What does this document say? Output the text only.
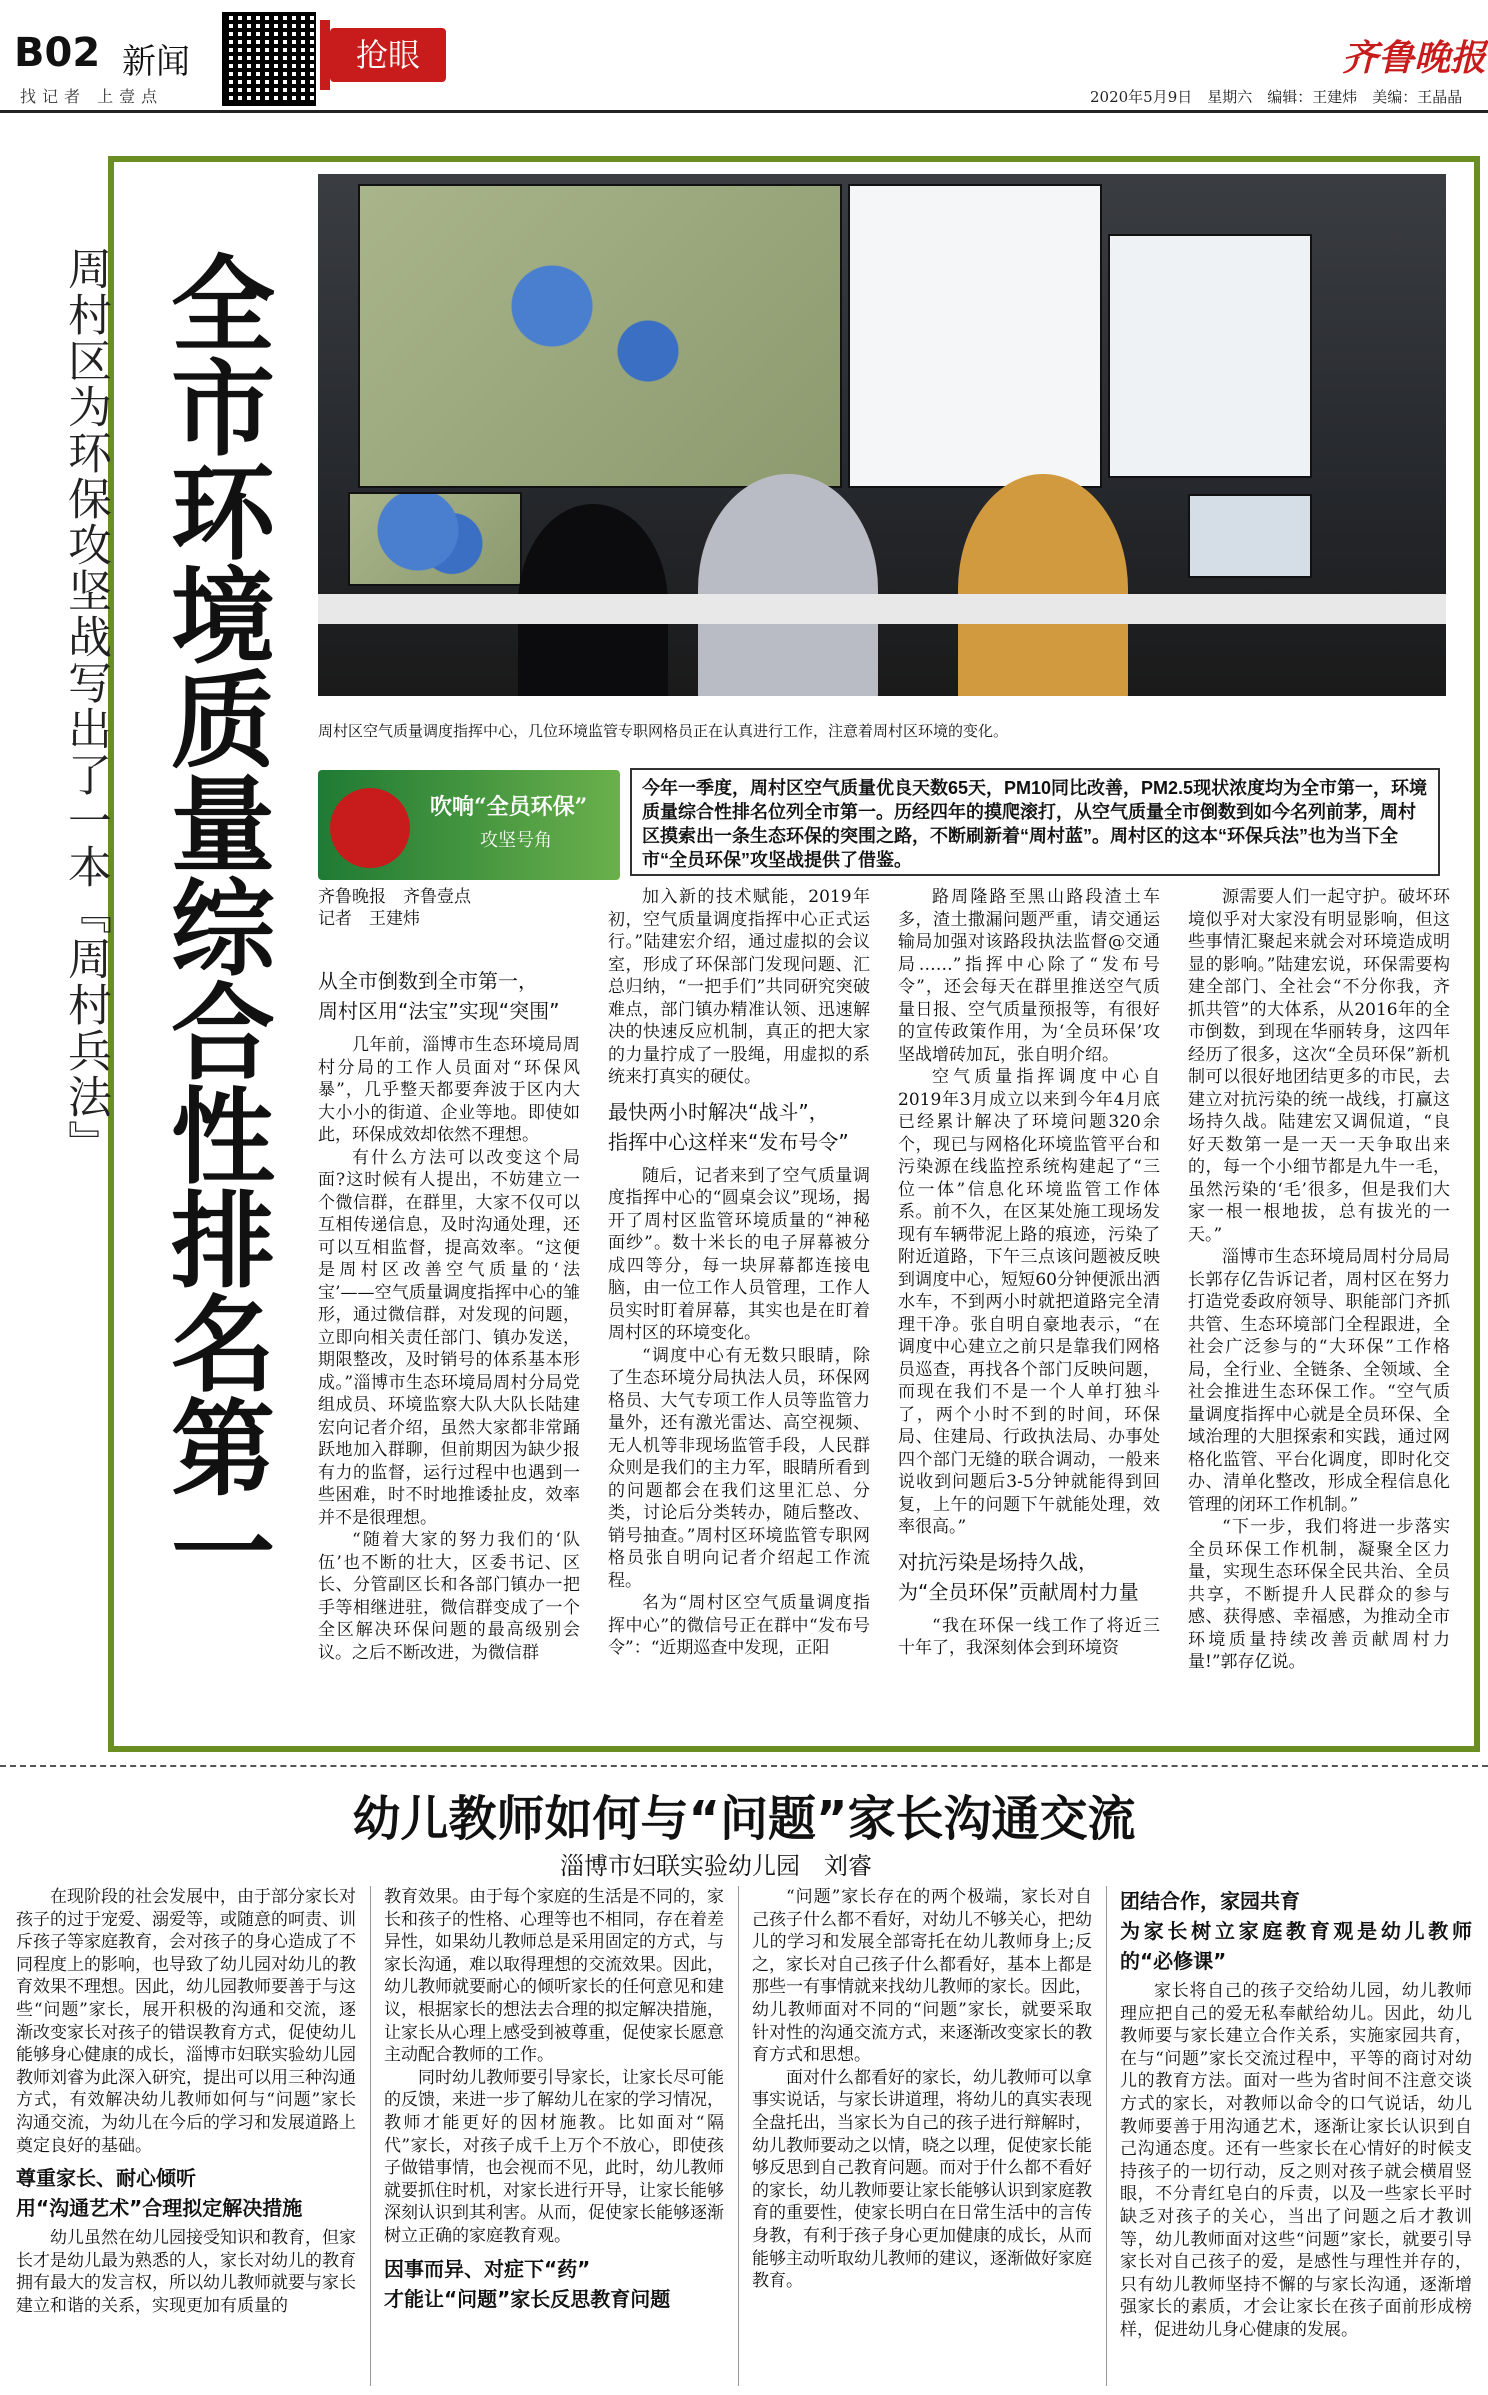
B02 新闻
找记者 上壹点
抢眼	齐鲁晚报
2020年5月9日　星期六　编辑：王建炜　美编：王晶晶
周村区为环保攻坚战写出了一本『周村兵法』 全市环境质量综合性排名第一	周村区空气质量调度指挥中心，几位环境监管专职网格员正在认真进行工作，注意着周村区环境的变化。
吹响“全员环保”
攻坚号角
今年一季度，周村区空气质量优良天数65天，PM10同比改善，PM2.5现状浓度均为全市第一，环境质量综合性排名位列全市第一。历经四年的摸爬滚打，从空气质量全市倒数到如今名列前茅，周村区摸索出一条生态环保的突围之路，不断刷新着“周村蓝”。周村区的这本“环保兵法”也为当下全市“全员环保”攻坚战提供了借鉴。
齐鲁晚报　齐鲁壹点
记者　王建炜
从全市倒数到全市第一，
周村区用“法宝”实现“突围”

几年前，淄博市生态环境局周村分局的工作人员面对“环保风暴”，几乎整天都要奔波于区内大大小小的街道、企业等地。即使如此，环保成效却依然不理想。

有什么方法可以改变这个局面?这时候有人提出，不妨建立一个微信群，在群里，大家不仅可以互相传递信息，及时沟通处理，还可以互相监督，提高效率。“这便是周村区改善空气质量的‘法宝’——空气质量调度指挥中心的雏形，通过微信群，对发现的问题，立即向相关责任部门、镇办发送，期限整改，及时销号的体系基本形成。”淄博市生态环境局周村分局党组成员、环境监察大队大队长陆建宏向记者介绍，虽然大家都非常踊跃地加入群聊，但前期因为缺少报有力的监督，运行过程中也遇到一些困难，时不时地推诿扯皮，效率并不是很理想。

“随着大家的努力我们的‘队伍’也不断的壮大，区委书记、区长、分管副区长和各部门镇办一把手等相继进驻，微信群变成了一个全区解决环保问题的最高级别会议。之后不断改进，为微信群

加入新的技术赋能，2019年初，空气质量调度指挥中心正式运行。”陆建宏介绍，通过虚拟的会议室，形成了环保部门发现问题、汇总归纳，“一把手们”共同研究突破难点，部门镇办精准认领、迅速解决的快速反应机制，真正的把大家的力量拧成了一股绳，用虚拟的系统来打真实的硬仗。

最快两小时解决“战斗”，
指挥中心这样来“发布号令”

随后，记者来到了空气质量调度指挥中心的“圆桌会议”现场，揭开了周村区监管环境质量的“神秘面纱”。数十米长的电子屏幕被分成四等分，每一块屏幕都连接电脑，由一位工作人员管理，工作人员实时盯着屏幕，其实也是在盯着周村区的环境变化。

“调度中心有无数只眼睛，除了生态环境分局执法人员，环保网格员、大气专项工作人员等监管力量外，还有激光雷达、高空视频、无人机等非现场监管手段，人民群众则是我们的主力军，眼睛所看到的问题都会在我们这里汇总、分类，讨论后分类转办，随后整改、销号抽查。”周村区环境监管专职网格员张自明向记者介绍起工作流程。

名为“周村区空气质量调度指挥中心”的微信号正在群中“发布号令”：“近期巡查中发现，正阳

路周隆路至黑山路段渣土车多，渣土撒漏问题严重，请交通运输局加强对该路段执法监督@交通局……”指挥中心除了“发布号令”，还会每天在群里推送空气质量日报、空气质量预报等，有很好的宣传政策作用，为‘全员环保’攻坚战增砖加瓦，张自明介绍。

空气质量指挥调度中心自2019年3月成立以来到今年4月底已经累计解决了环境问题320余个，现已与网格化环境监管平台和污染源在线监控系统构建起了“三位一体”信息化环境监管工作体系。前不久，在区某处施工现场发现有车辆带泥上路的痕迹，污染了附近道路，下午三点该问题被反映到调度中心，短短60分钟便派出洒水车，不到两小时就把道路完全清理干净。张自明自豪地表示，“在调度中心建立之前只是靠我们网格员巡查，再找各个部门反映问题，而现在我们不是一个人单打独斗了，两个小时不到的时间，环保局、住建局、行政执法局、办事处四个部门无缝的联合调动，一般来说收到问题后3-5分钟就能得到回复，上午的问题下午就能处理，效率很高。”

对抗污染是场持久战，
为“全员环保”贡献周村力量

“我在环保一线工作了将近三十年了，我深刻体会到环境资

源需要人们一起守护。破坏环境似乎对大家没有明显影响，但这些事情汇聚起来就会对环境造成明显的影响。”陆建宏说，环保需要构建全部门、全社会“不分你我，齐抓共管”的大体系，从2016年的全市倒数，到现在华丽转身，这四年经历了很多，这次“全员环保”新机制可以很好地团结更多的市民，去建立对抗污染的统一战线，打赢这场持久战。陆建宏又调侃道，“良好天数第一是一天一天争取出来的，每一个小细节都是九牛一毛，虽然污染的‘毛’很多，但是我们大家一根一根地拔，总有拔光的一天。”

淄博市生态环境局周村分局局长郭存亿告诉记者，周村区在努力打造党委政府领导、职能部门齐抓共管、生态环境部门全程跟进，全社会广泛参与的“大环保”工作格局，全行业、全链条、全领域、全社会推进生态环保工作。“空气质量调度指挥中心就是全员环保、全域治理的大胆探索和实践，通过网格化监管、平台化调度，即时化交办、清单化整改，形成全程信息化管理的闭环工作机制。”

“下一步，我们将进一步落实全员环保工作机制，凝聚全区力量，实现生态环保全民共治、全员共享，不断提升人民群众的参与感、获得感、幸福感，为推动全市环境质量持续改善贡献周村力量!”郭存亿说。

幼儿教师如何与“问题”家长沟通交流
淄博市妇联实验幼儿园　刘睿

在现阶段的社会发展中，由于部分家长对孩子的过于宠爱、溺爱等，或随意的呵责、训斥孩子等家庭教育，会对孩子的身心造成了不同程度上的影响，也导致了幼儿园对幼儿的教育效果不理想。因此，幼儿园教师要善于与这些“问题”家长，展开积极的沟通和交流，逐渐改变家长对孩子的错误教育方式，促使幼儿能够身心健康的成长，淄博市妇联实验幼儿园教师刘睿为此深入研究，提出可以用三种沟通方式，有效解决幼儿教师如何与“问题”家长沟通交流，为幼儿在今后的学习和发展道路上奠定良好的基础。

尊重家长、耐心倾听
用“沟通艺术”合理拟定解决措施

幼儿虽然在幼儿园接受知识和教育，但家长才是幼儿最为熟悉的人，家长对幼儿的教育拥有最大的发言权，所以幼儿教师就要与家长建立和谐的关系，实现更加有质量的

教育效果。由于每个家庭的生活是不同的，家长和孩子的性格、心理等也不相同，存在着差异性，如果幼儿教师总是采用固定的方式，与家长沟通，难以取得理想的交流效果。因此，幼儿教师就要耐心的倾听家长的任何意见和建议，根据家长的想法去合理的拟定解决措施，让家长从心理上感受到被尊重，促使家长愿意主动配合教师的工作。

同时幼儿教师要引导家长，让家长尽可能的反馈，来进一步了解幼儿在家的学习情况，教师才能更好的因材施教。比如面对“隔代”家长，对孩子成千上万个不放心，即使孩子做错事情，也会视而不见，此时，幼儿教师就要抓住时机，对家长进行开导，让家长能够深刻认识到其利害。从而，促使家长能够逐渐树立正确的家庭教育观。

因事而异、对症下“药”
才能让“问题”家长反思教育问题

“问题”家长存在的两个极端，家长对自己孩子什么都不看好，对幼儿不够关心，把幼儿的学习和发展全部寄托在幼儿教师身上;反之，家长对自己孩子什么都看好，基本上都是那些一有事情就来找幼儿教师的家长。因此，幼儿教师面对不同的“问题”家长，就要采取针对性的沟通交流方式，来逐渐改变家长的教育方式和思想。

面对什么都看好的家长，幼儿教师可以拿事实说话，与家长讲道理，将幼儿的真实表现全盘托出，当家长为自己的孩子进行辩解时，幼儿教师要动之以情，晓之以理，促使家长能够反思到自己教育问题。而对于什么都不看好的家长，幼儿教师要让家长能够认识到家庭教育的重要性，使家长明白在日常生活中的言传身教，有利于孩子身心更加健康的成长，从而能够主动听取幼儿教师的建议，逐渐做好家庭教育。

团结合作，家园共育
为家长树立家庭教育观是幼儿教师的“必修课”

家长将自己的孩子交给幼儿园，幼儿教师理应把自己的爱无私奉献给幼儿。因此，幼儿教师要与家长建立合作关系，实施家园共育，在与“问题”家长交流过程中，平等的商讨对幼儿的教育方法。面对一些为省时间不注意交谈方式的家长，对教师以命令的口气说话，幼儿教师要善于用沟通艺术，逐渐让家长认识到自己沟通态度。还有一些家长在心情好的时候支持孩子的一切行动，反之则对孩子就会横眉竖眼，不分青红皂白的斥责，以及一些家长平时缺乏对孩子的关心，当出了问题之后才教训等，幼儿教师面对这些“问题”家长，就要引导家长对自己孩子的爱，是感性与理性并存的，只有幼儿教师坚持不懈的与家长沟通，逐渐增强家长的素质，才会让家长在孩子面前形成榜样，促进幼儿身心健康的发展。
